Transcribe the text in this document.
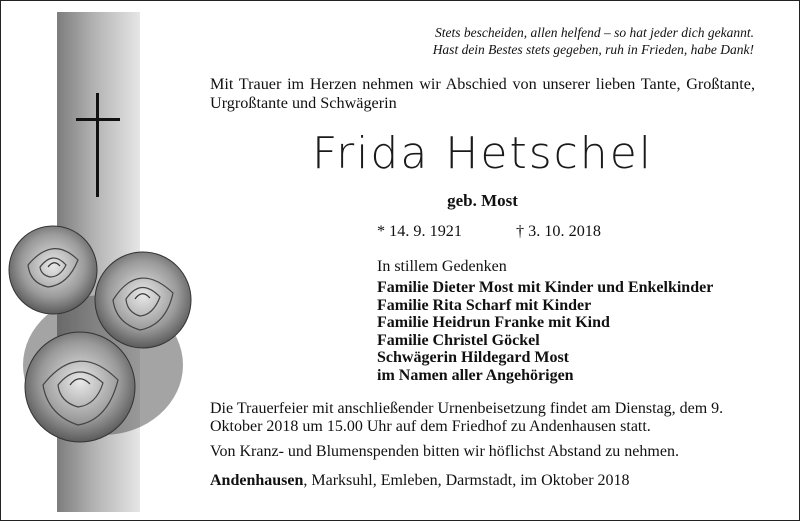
Stets bescheiden, allen helfend – so hat jeder dich gekannt.
Hast dein Bestes stets gegeben, ruh in Frieden, habe Dank!
Mit Trauer im Herzen nehmen wir Abschied von unserer lieben Tante, Großtante, Urgroßtante und Schwägerin
Frida Hetschel
geb. Most
* 14. 9. 1921	† 3. 10. 2018
In stillem Gedenken
Familie Dieter Most mit Kinder und Enkelkinder
Familie Rita Scharf mit Kinder
Familie Heidrun Franke mit Kind
Familie Christel Göckel
Schwägerin Hildegard Most
im Namen aller Angehörigen
Die Trauerfeier mit anschließender Urnenbeisetzung findet am Dienstag, dem 9. Oktober 2018 um 15.00 Uhr auf dem Friedhof zu Andenhausen statt.
Von Kranz- und Blumenspenden bitten wir höflichst Abstand zu nehmen.
Andenhausen, Marksuhl, Emleben, Darmstadt, im Oktober 2018
